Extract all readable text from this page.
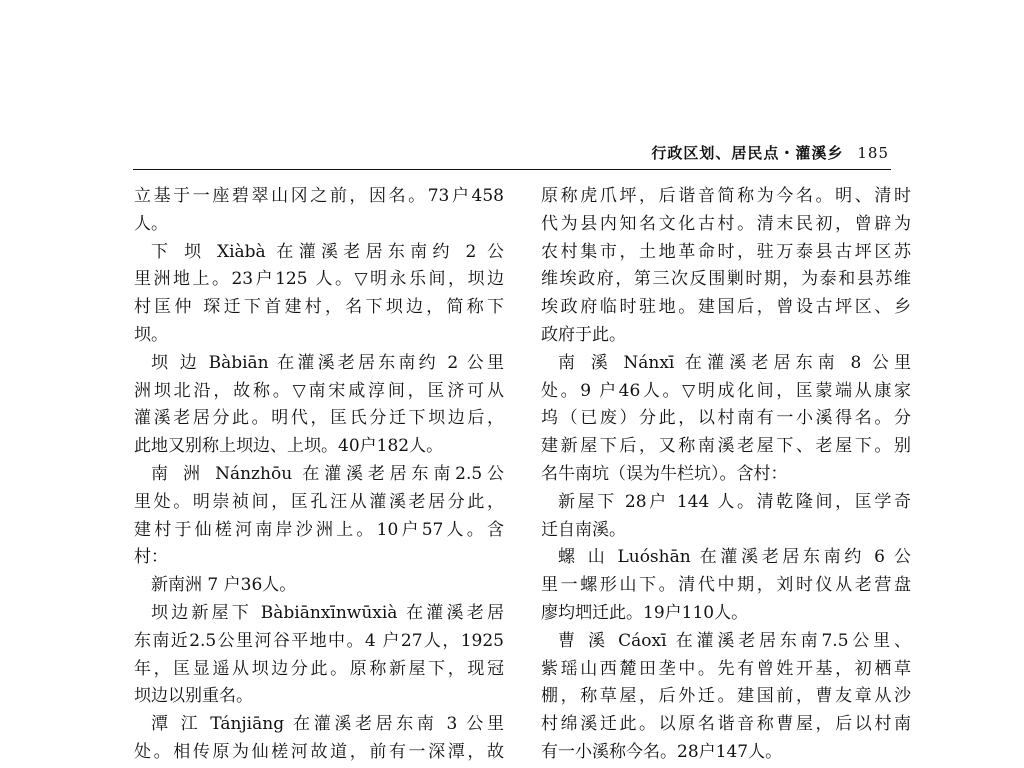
行政区划、居民点・灌溪乡 185
立基于一座碧翠山冈之前，因名。73户458
人。
下 坝 Xiàbà 在灌溪老居东南约 2 公
里洲地上。23户125 人。▽明永乐间，坝边
村匡仲 琛迁下首建村，名下坝边，简称下
坝。
坝 边 Bàbiān 在灌溪老居东南约 2 公里
洲坝北沿，故称。▽南宋咸淳间，匡济可从
灌溪老居分此。明代，匡氏分迁下坝边后，
此地又别称上坝边、上坝。40户182人。
南 洲 Nánzhōu 在灌溪老居东南2.5公
里处。明崇祯间，匡孔汪从灌溪老居分此，
建村于仙槎河南岸沙洲上。10户57人。含
村：
新南洲 7 户36人。
坝边新屋下 Bàbiānxīnwūxià 在灌溪老居
东南近2.5公里河谷平地中。4 户27人，1925
年，匡显遥从坝边分此。原称新屋下，现冠
坝边以别重名。
潭 江 Tánjiāng 在灌溪老居东南 3 公里
处。相传原为仙槎河故道，前有一深潭，故
原称虎爪坪，后谐音简称为今名。明、清时
代为县内知名文化古村。清末民初，曾辟为
农村集市，土地革命时，驻万泰县古坪区苏
维埃政府，第三次反围剿时期，为泰和县苏维
埃政府临时驻地。建国后，曾设古坪区、乡
政府于此。
南 溪 Nánxī 在灌溪老居东南 8 公里
处。9 户46人。▽明成化间，匡蒙端从康家
坞（已废）分此，以村南有一小溪得名。分
建新屋下后，又称南溪老屋下、老屋下。别
名牛南坑（误为牛栏坑）。含村：
新屋下 28户 144 人。清乾隆间，匡学奇
迁自南溪。
螺 山 Luóshān 在灌溪老居东南约 6 公
里一螺形山下。清代中期，刘时仪从老营盘
廖均垇迁此。19户110人。
曹 溪 Cáoxī 在灌溪老居东南7.5公里、
紫瑶山西麓田垄中。先有曾姓开基，初栖草
棚，称草屋，后外迁。建国前，曹友章从沙
村绵溪迁此。以原名谐音称曹屋，后以村南
有一小溪称今名。28户147人。
